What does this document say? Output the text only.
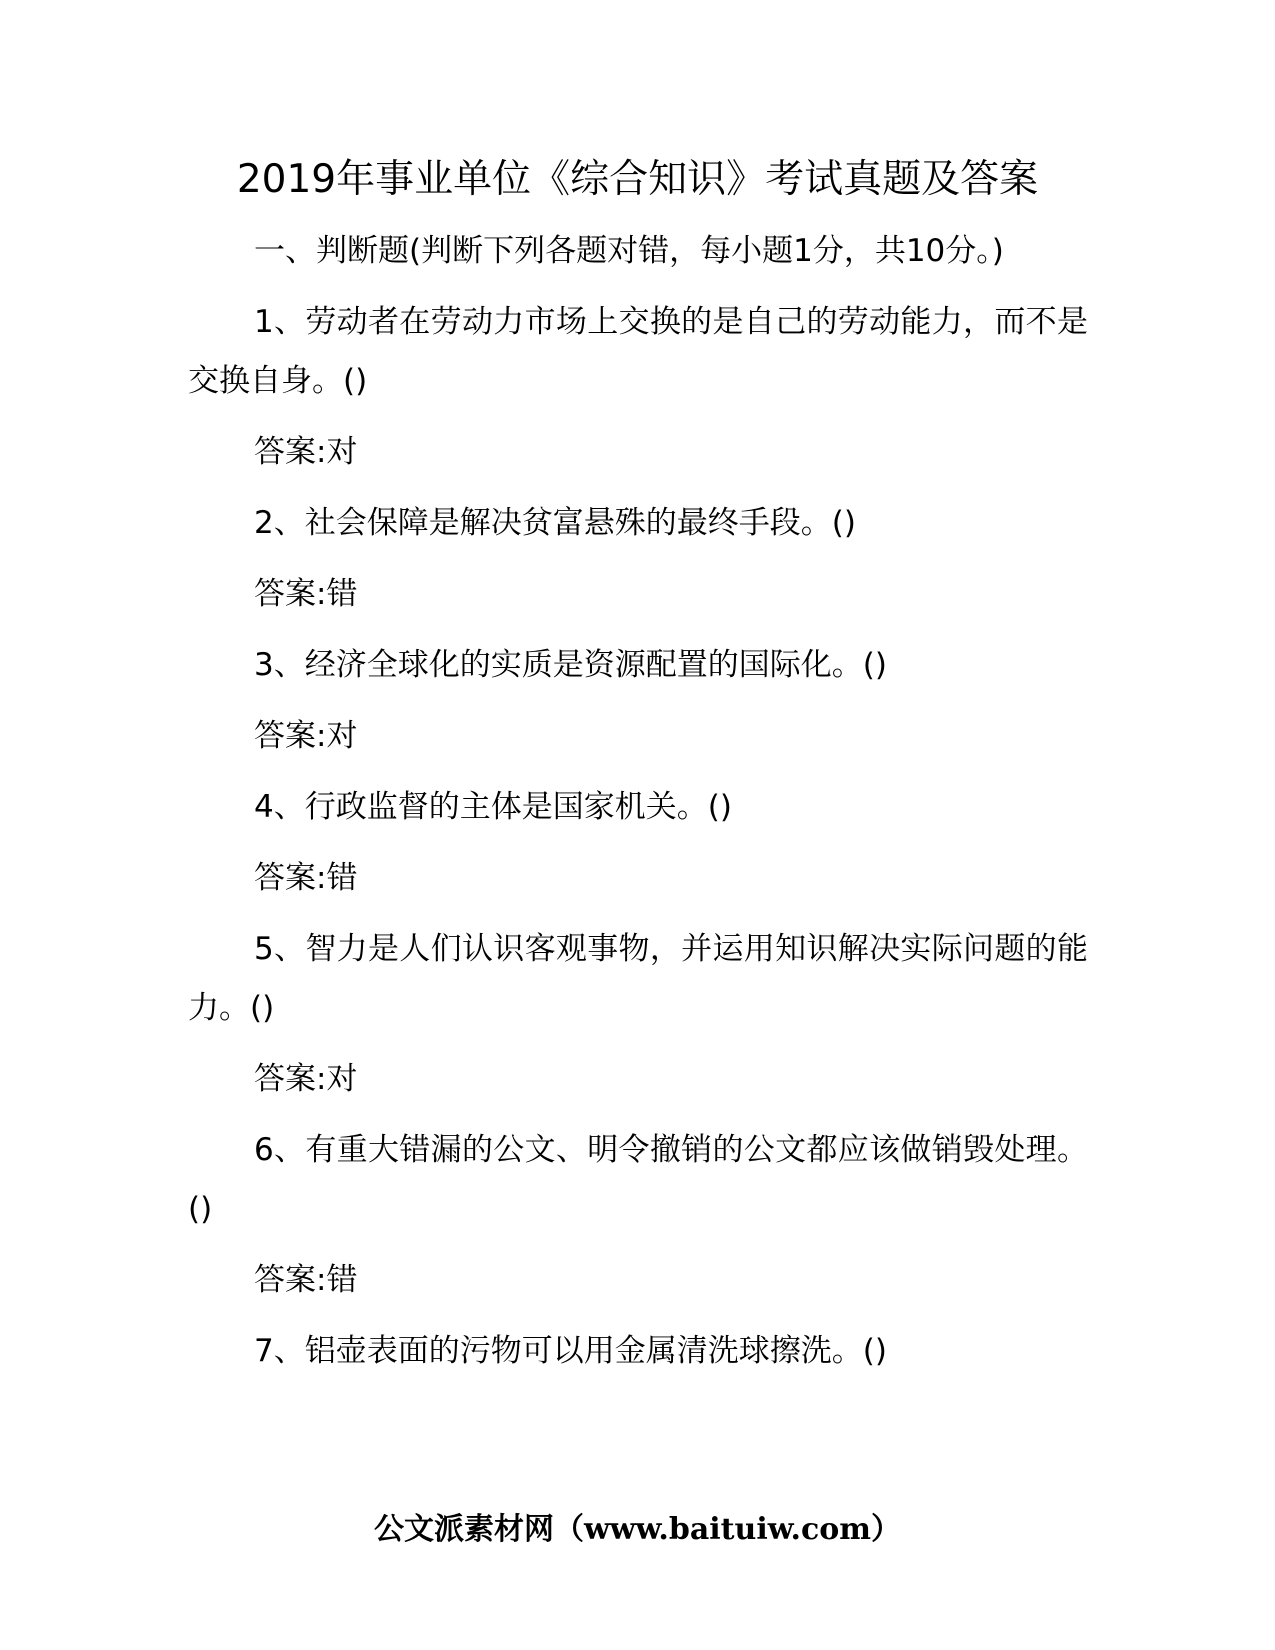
2019年事业单位《综合知识》考试真题及答案

一、判断题(判断下列各题对错，每小题1分，共10分。)

1、劳动者在劳动力市场上交换的是自己的劳动能力，而不是交换自身。()

答案:对

2、社会保障是解决贫富悬殊的最终手段。()

答案:错

3、经济全球化的实质是资源配置的国际化。()

答案:对

4、行政监督的主体是国家机关。()

答案:错

5、智力是人们认识客观事物，并运用知识解决实际问题的能力。()

答案:对

6、有重大错漏的公文、明令撤销的公文都应该做销毁处理。()

答案:错

7、铝壶表面的污物可以用金属清洗球擦洗。()

公文派素材网（www.baituiw.com）
